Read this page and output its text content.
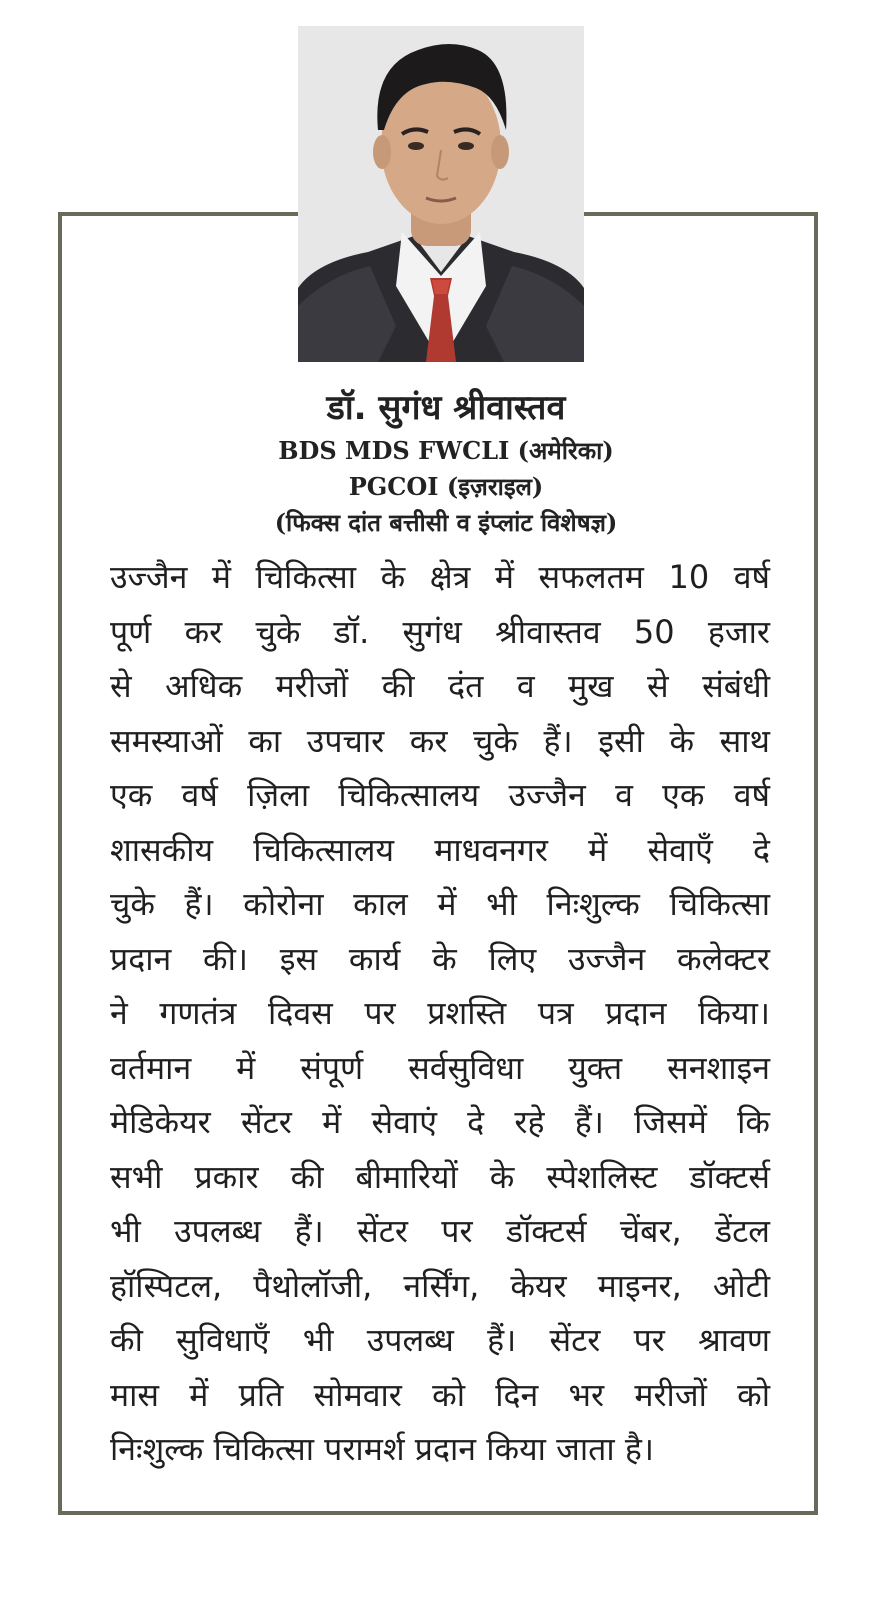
डॉ. सुगंध श्रीवास्तव
BDS MDS FWCLI (अमेरिका)
PGCOI (इज़राइल)
(फिक्स दांत बत्तीसी व इंप्लांट विशेषज्ञ)
उज्जैन में चिकित्सा के क्षेत्र में सफलतम 10 वर्ष
पूर्ण कर चुके डॉ. सुगंध श्रीवास्तव 50 हजार
से अधिक मरीजों की दंत व मुख से संबंधी
समस्याओं का उपचार कर चुके हैं। इसी के साथ
एक वर्ष ज़िला चिकित्सालय उज्जैन व एक वर्ष
शासकीय चिकित्सालय माधवनगर में सेवाएँ दे
चुके हैं। कोरोना काल में भी निःशुल्क चिकित्सा
प्रदान की। इस कार्य के लिए उज्जैन कलेक्टर
ने गणतंत्र दिवस पर प्रशस्ति पत्र प्रदान किया।
वर्तमान में संपूर्ण सर्वसुविधा युक्त सनशाइन
मेडिकेयर सेंटर में सेवाएं दे रहे हैं। जिसमें कि
सभी प्रकार की बीमारियों के स्पेशलिस्ट डॉक्टर्स
भी उपलब्ध हैं। सेंटर पर डॉक्टर्स चेंबर, डेंटल
हॉस्पिटल, पैथोलॉजी, नर्सिंग, केयर माइनर, ओटी
की सुविधाएँ भी उपलब्ध हैं। सेंटर पर श्रावण
मास में प्रति सोमवार को दिन भर मरीजों को
निःशुल्क चिकित्सा परामर्श प्रदान किया जाता है।
